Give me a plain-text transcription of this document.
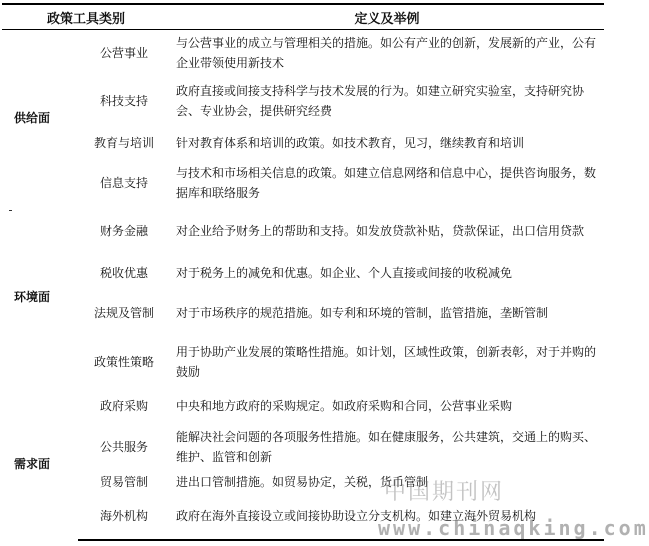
政策工具类别		定义及举例
供给面	公营事业	与公营事业的成立与管理相关的措施。如公有产业的创新，发展新的产业，公有企业带领使用新技术
	科技支持	政府直接或间接支持科学与技术发展的行为。如建立研究实验室，支持研究协会、专业协会，提供研究经费
	教育与培训	针对教育体系和培训的政策。如技术教育，见习，继续教育和培训
	信息支持	与技术和市场相关信息的政策。如建立信息网络和信息中心，提供咨询服务，数据库和联络服务
环境面	财务金融	对企业给予财务上的帮助和支持。如发放贷款补贴，贷款保证，出口信用贷款
	税收优惠	对于税务上的减免和优惠。如企业、个人直接或间接的收税减免
	法规及管制	对于市场秩序的规范措施。如专利和环境的管制，监管措施，垄断管制
	政策性策略	用于协助产业发展的策略性措施。如计划，区域性政策，创新表彰，对于并购的鼓励
需求面	政府采购	中央和地方政府的采购规定。如政府采购和合同，公营事业采购
	公共服务	能解决社会问题的各项服务性措施。如在健康服务，公共建筑，交通上的购买、维护、监管和创新
	贸易管制	进出口管制措施。如贸易协定，关税，货币管制
	海外机构	政府在海外直接设立或间接协助设立分支机构。如建立海外贸易机构
中国期刊网
www.chinaqking.com
